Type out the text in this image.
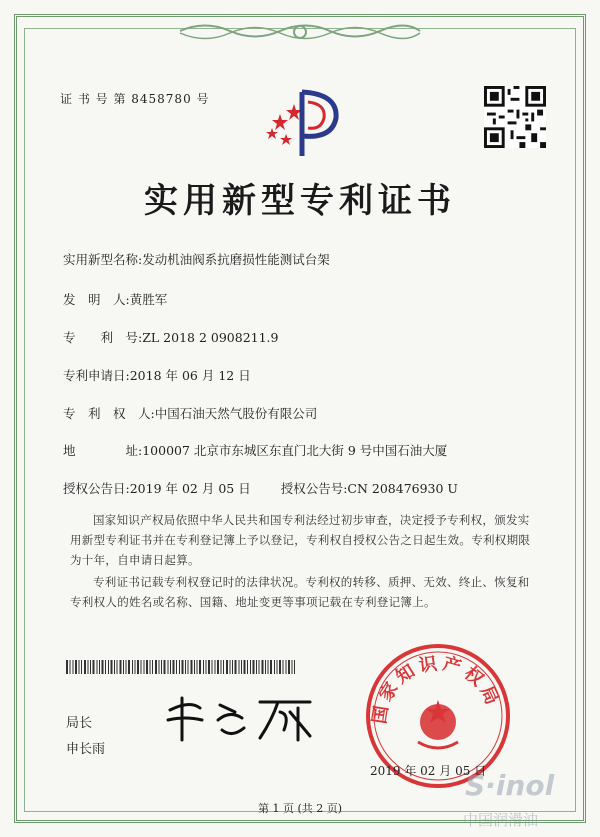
证 书 号 第 8458780 号
实用新型专利证书
实用新型名称:发动机油阀系抗磨损性能测试台架
发　明　人:黄胜军
专　　利　号:ZL 2018 2 0908211.9
专利申请日:2018 年 06 月 12 日
专　利　权　人:中国石油天然气股份有限公司
地　　　　址:100007 北京市东城区东直门北大街 9 号中国石油大厦
授权公告日:2019 年 02 月 05 日 授权公告号:CN 208476930 U
国家知识产权局依照中华人民共和国专利法经过初步审查，决定授予专利权，颁发实用新型专利证书并在专利登记簿上予以登记，专利权自授权公告之日起生效。专利权期限为十年，自申请日起算。
专利证书记载专利权登记时的法律状况。专利权的转移、质押、无效、终止、恢复和专利权人的姓名或名称、国籍、地址变更等事项记载在专利登记簿上。
局长
申长雨
国家知识产权局
2019 年 02 月 05 日
第 1 页 (共 2 页)
S·inol
中国润滑油
